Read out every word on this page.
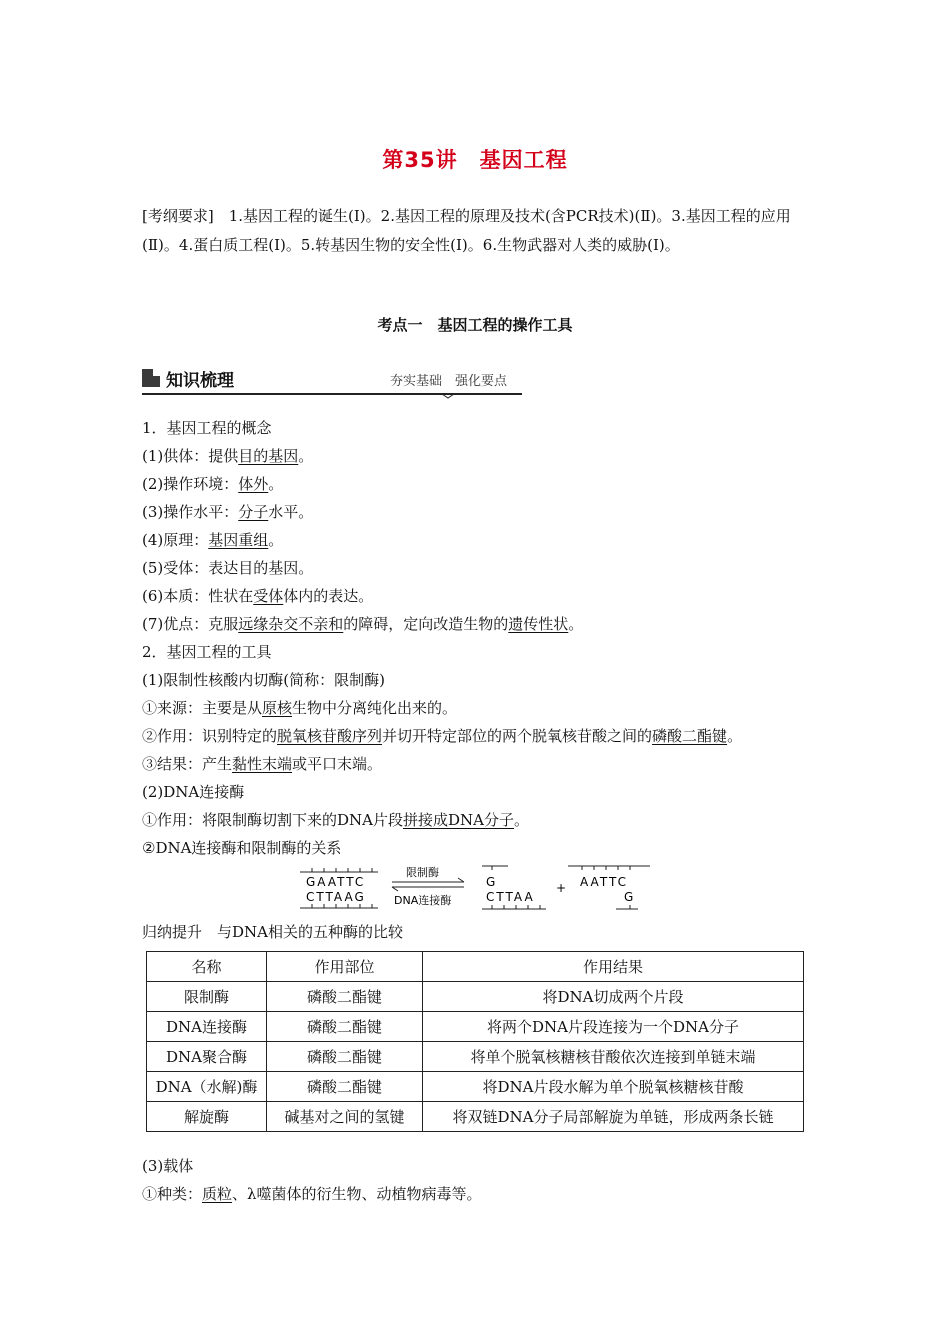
第35讲　基因工程
[考纲要求]　1.基因工程的诞生(Ⅰ)。2.基因工程的原理及技术(含PCR技术)(Ⅱ)。3.基因工程的应用(Ⅱ)。4.蛋白质工程(Ⅰ)。5.转基因生物的安全性(Ⅰ)。6.生物武器对人类的威胁(Ⅰ)。
考点一　基因工程的操作工具
知识梳理	夯实基础　强化要点
1．基因工程的概念
(1)供体：提供目的基因。
(2)操作环境：体外。
(3)操作水平：分子水平。
(4)原理：基因重组。
(5)受体：表达目的基因。
(6)本质：性状在受体体内的表达。
(7)优点：克服远缘杂交不亲和的障碍，定向改造生物的遗传性状。
2．基因工程的工具
(1)限制性核酸内切酶(简称：限制酶)
①来源：主要是从原核生物中分离纯化出来的。
②作用：识别特定的脱氧核苷酸序列并切开特定部位的两个脱氧核苷酸之间的磷酸二酯键。
③结果：产生黏性末端或平口末端。
(2)DNA连接酶
①作用：将限制酶切割下来的DNA片段拼接成DNA分子。
②DNA连接酶和限制酶的关系
GAATTC
CTTAAG
限制酶
DNA连接酶
G
CTTAA
+ AATTC
G
归纳提升　与DNA相关的五种酶的比较
名称	作用部位	作用结果
限制酶	磷酸二酯键	将DNA切成两个片段
DNA连接酶	磷酸二酯键	将两个DNA片段连接为一个DNA分子
DNA聚合酶	磷酸二酯键	将单个脱氧核糖核苷酸依次连接到单链末端
DNA（水解)酶	磷酸二酯键	将DNA片段水解为单个脱氧核糖核苷酸
解旋酶	碱基对之间的氢键	将双链DNA分子局部解旋为单链，形成两条长链
(3)载体
①种类：质粒、λ噬菌体的衍生物、动植物病毒等。
